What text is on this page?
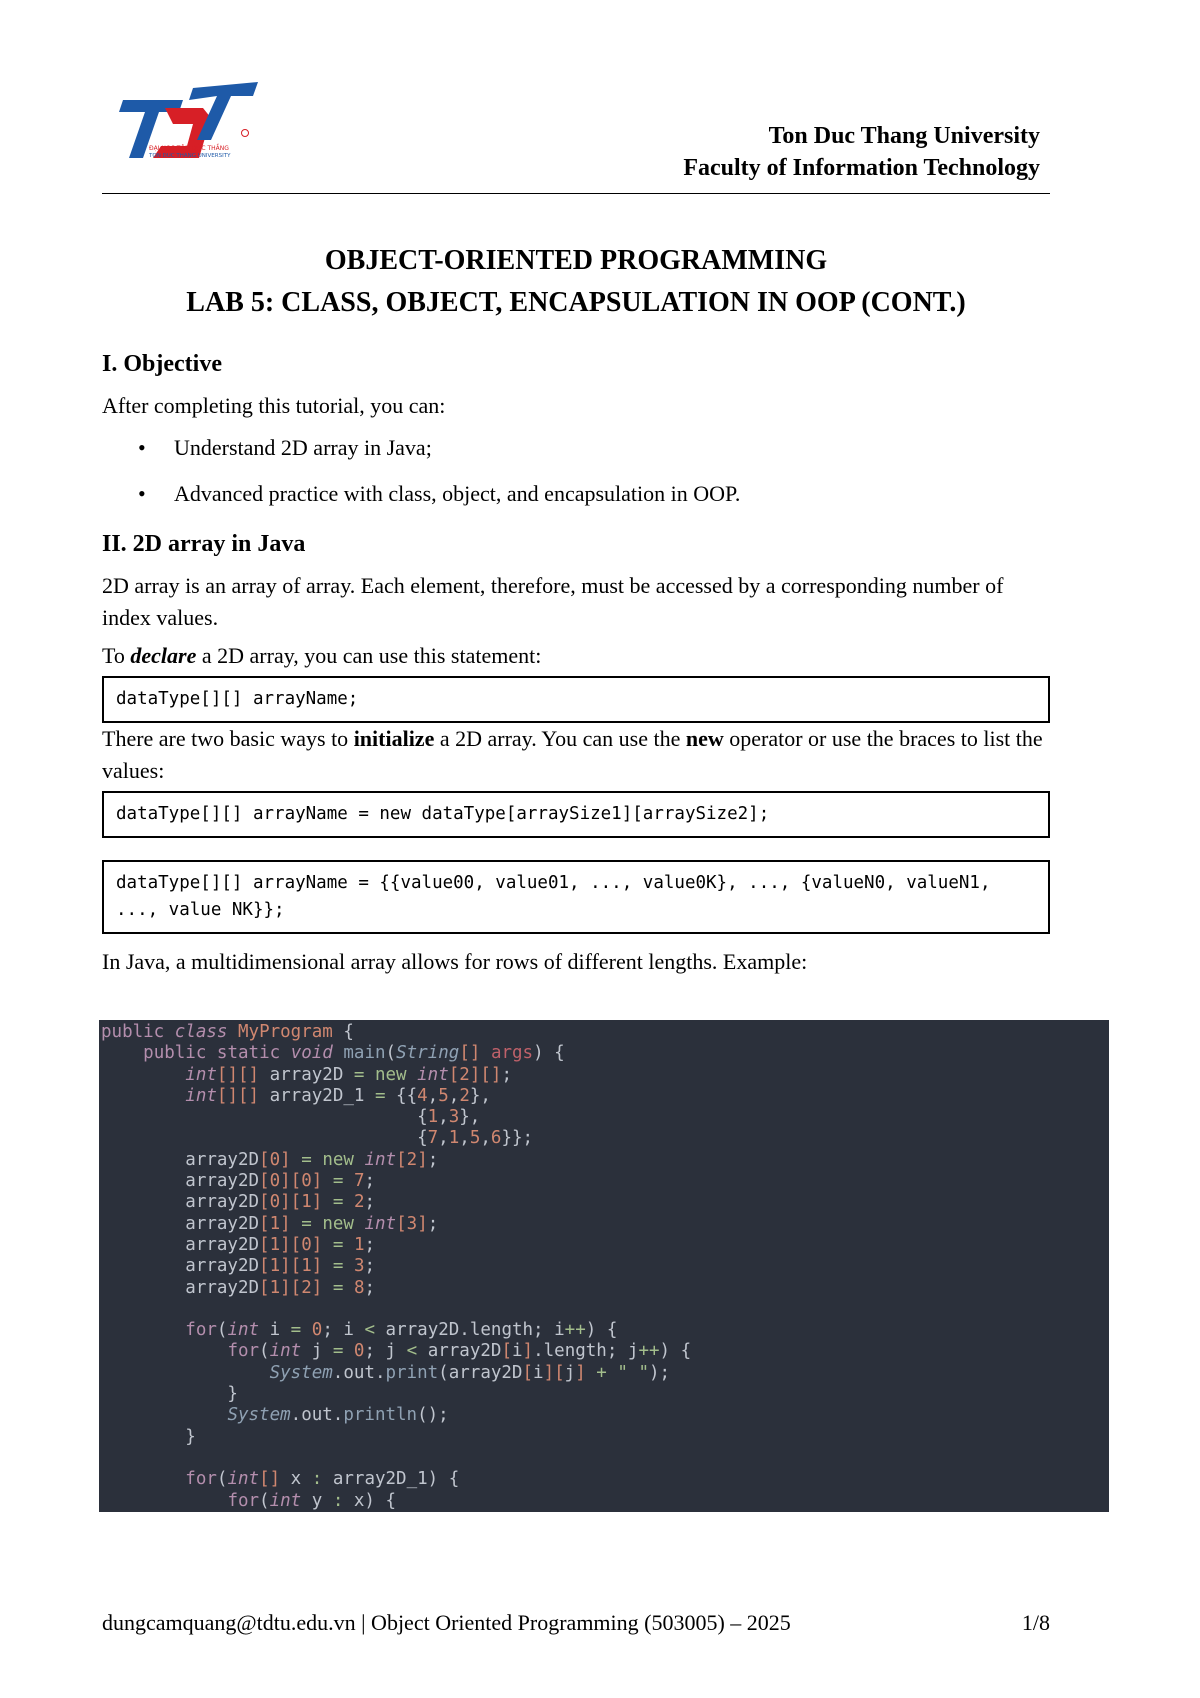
ĐẠI HỌC TÔN ĐỨC THẮNG
TON DUC THANG UNIVERSITY
Ton Duc Thang University
Faculty of Information Technology
OBJECT-ORIENTED PROGRAMMING
LAB 5: CLASS, OBJECT, ENCAPSULATION IN OOP (CONT.)

I. Objective

After completing this tutorial, you can:

• Understand 2D array in Java;
• Advanced practice with class, object, and encapsulation in OOP.

II. 2D array in Java

2D array is an array of array. Each element, therefore, must be accessed by a corresponding number of index values.

To declare a 2D array, you can use this statement:

dataType[][] arrayName;

There are two basic ways to initialize a 2D array. You can use the new operator or use the braces to list the values:

dataType[][] arrayName = new dataType[arraySize1][arraySize2];
dataType[][] arrayName = {{value00, value01, ..., value0K}, ..., {valueN0, valueN1, ..., value NK}};

In Java, a multidimensional array allows for rows of different lengths. Example:

public class MyProgram {
public static void main(String[] args) {
int[][] array2D = new int[2][];
int[][] array2D_1 = {{4,5,2},
{1,3},
{7,1,5,6}};
array2D[0] = new int[2];
array2D[0][0] = 7;
array2D[0][1] = 2;
array2D[1] = new int[3];
array2D[1][0] = 1;
array2D[1][1] = 3;
array2D[1][2] = 8;

for(int i = 0; i < array2D.length; i++) {
for(int j = 0; j < array2D[i].length; j++) {
System.out.print(array2D[i][j] + " ");
}
System.out.println();
}

for(int[] x : array2D_1) {
for(int y : x) {
dungcamquang@tdtu.edu.vn | Object Oriented Programming (503005) – 2025	1/8
